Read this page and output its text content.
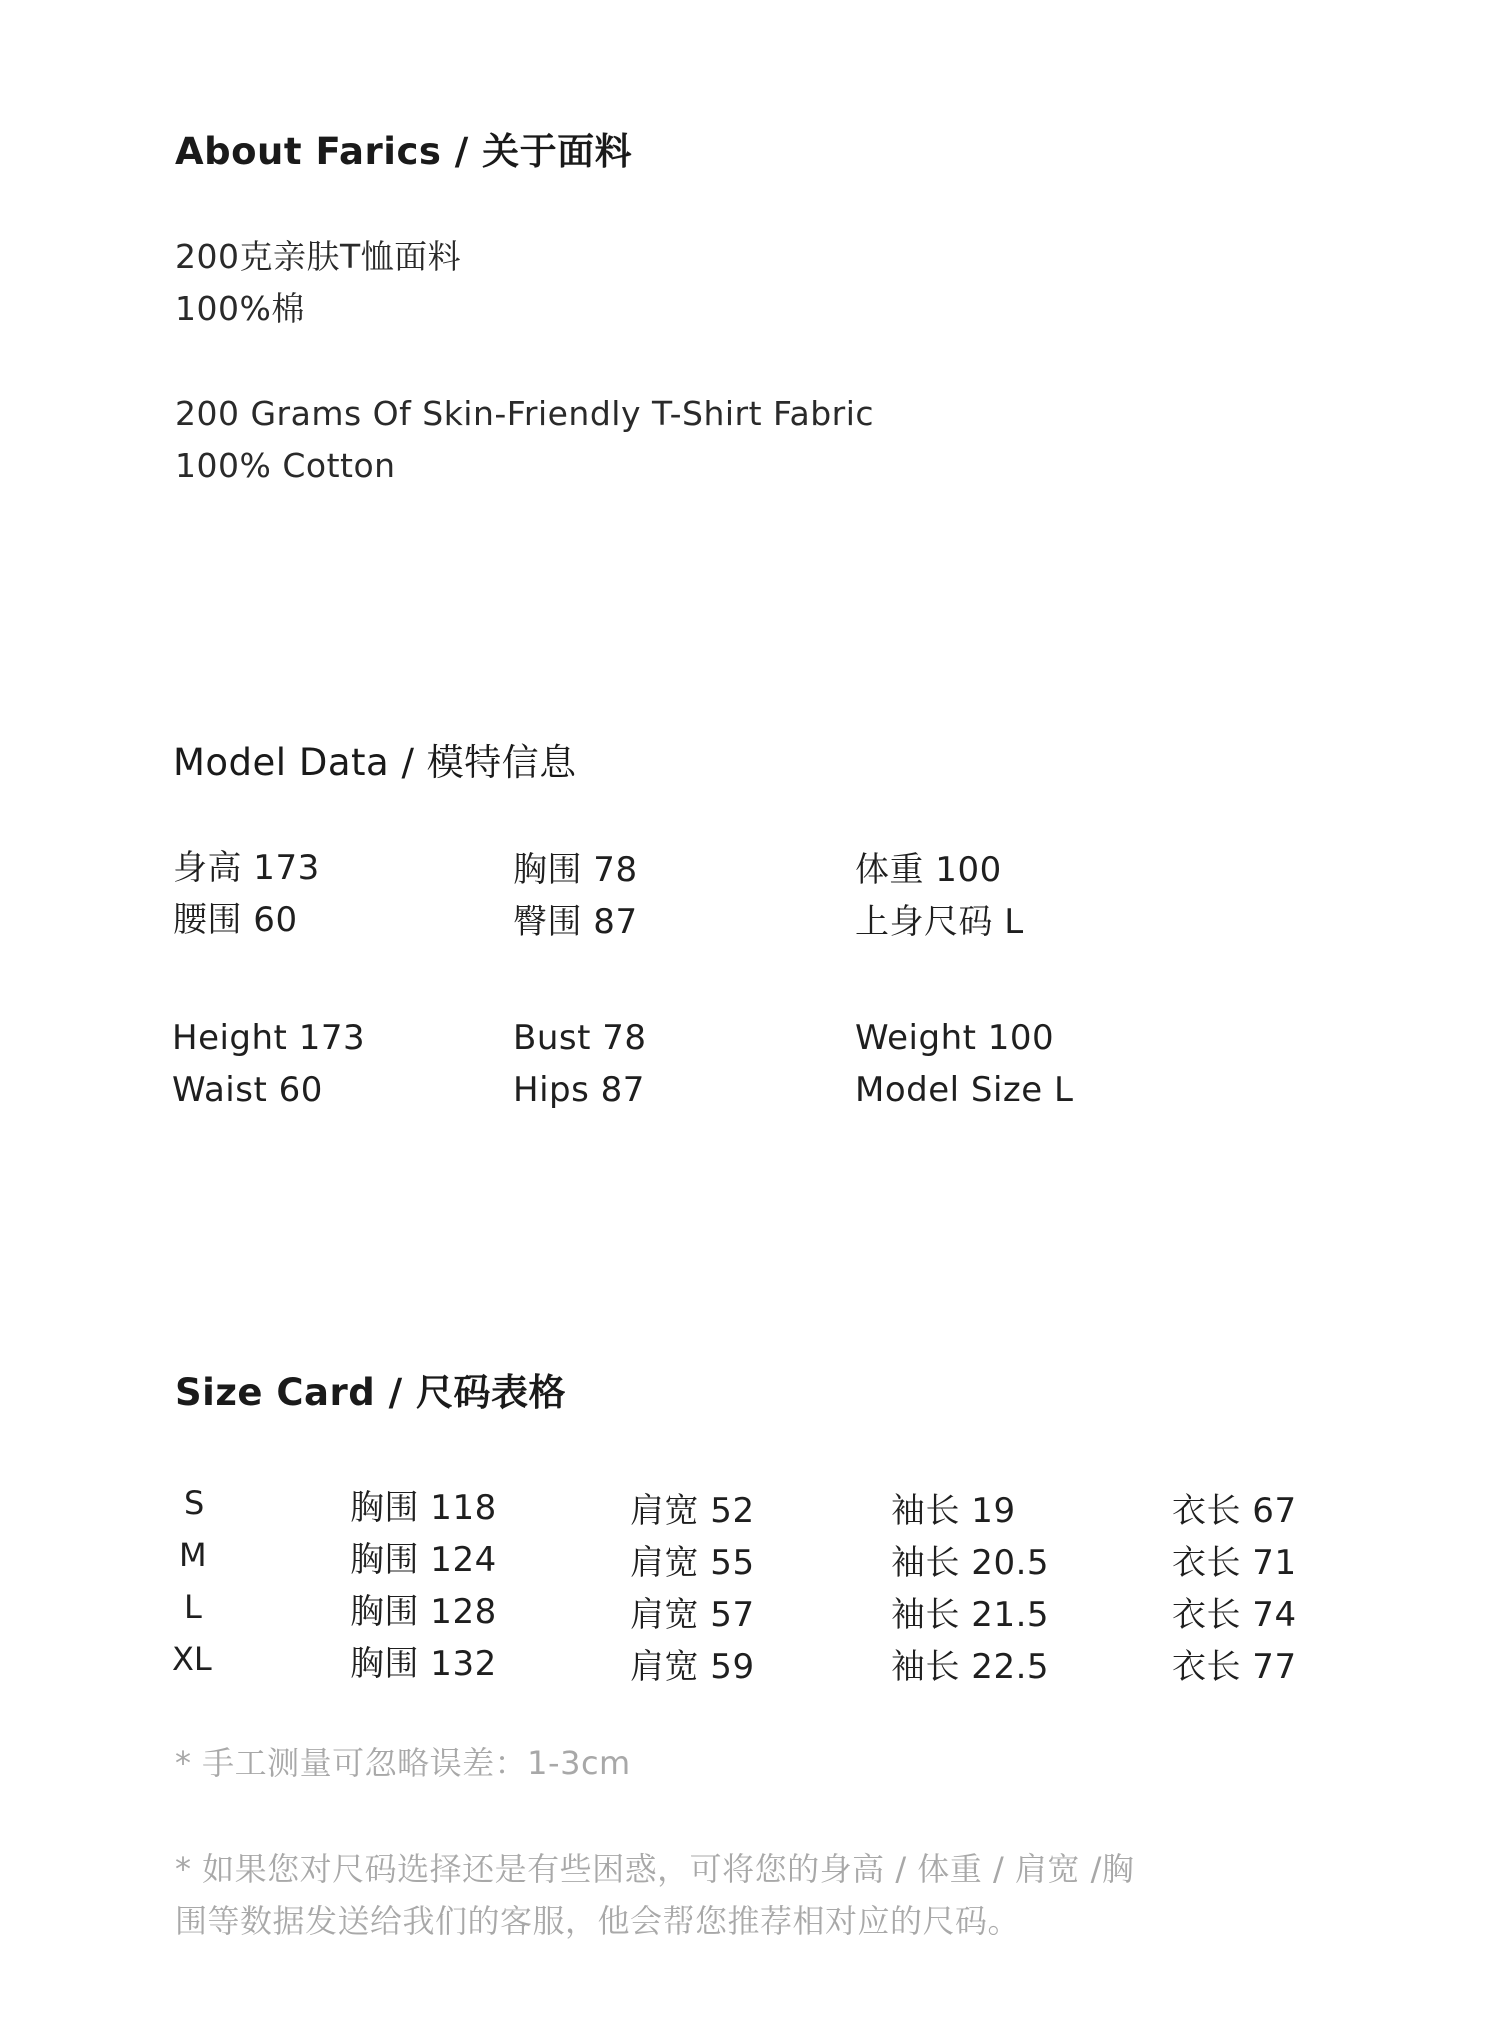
About Farics / 关于面料
200克亲肤T恤面料
100%棉
200 Grams Of Skin-Friendly T-Shirt Fabric
100% Cotton
Model Data / 模特信息
身高 173	胸围 78	体重 100
腰围 60	臀围 87	上身尺码 L
Height 173	Bust 78	Weight 100
Waist 60	Hips 87	Model Size L
Size Card / 尺码表格
S	胸围 118	肩宽 52	袖长 19	衣长 67
M	胸围 124	肩宽 55	袖长 20.5	衣长 71
L	胸围 128	肩宽 57	袖长 21.5	衣长 74
XL	胸围 132	肩宽 59	袖长 22.5	衣长 77
* 手工测量可忽略误差：1-3cm
* 如果您对尺码选择还是有些困惑，可将您的身高 / 体重 / 肩宽 /胸
围等数据发送给我们的客服，他会帮您推荐相对应的尺码。
